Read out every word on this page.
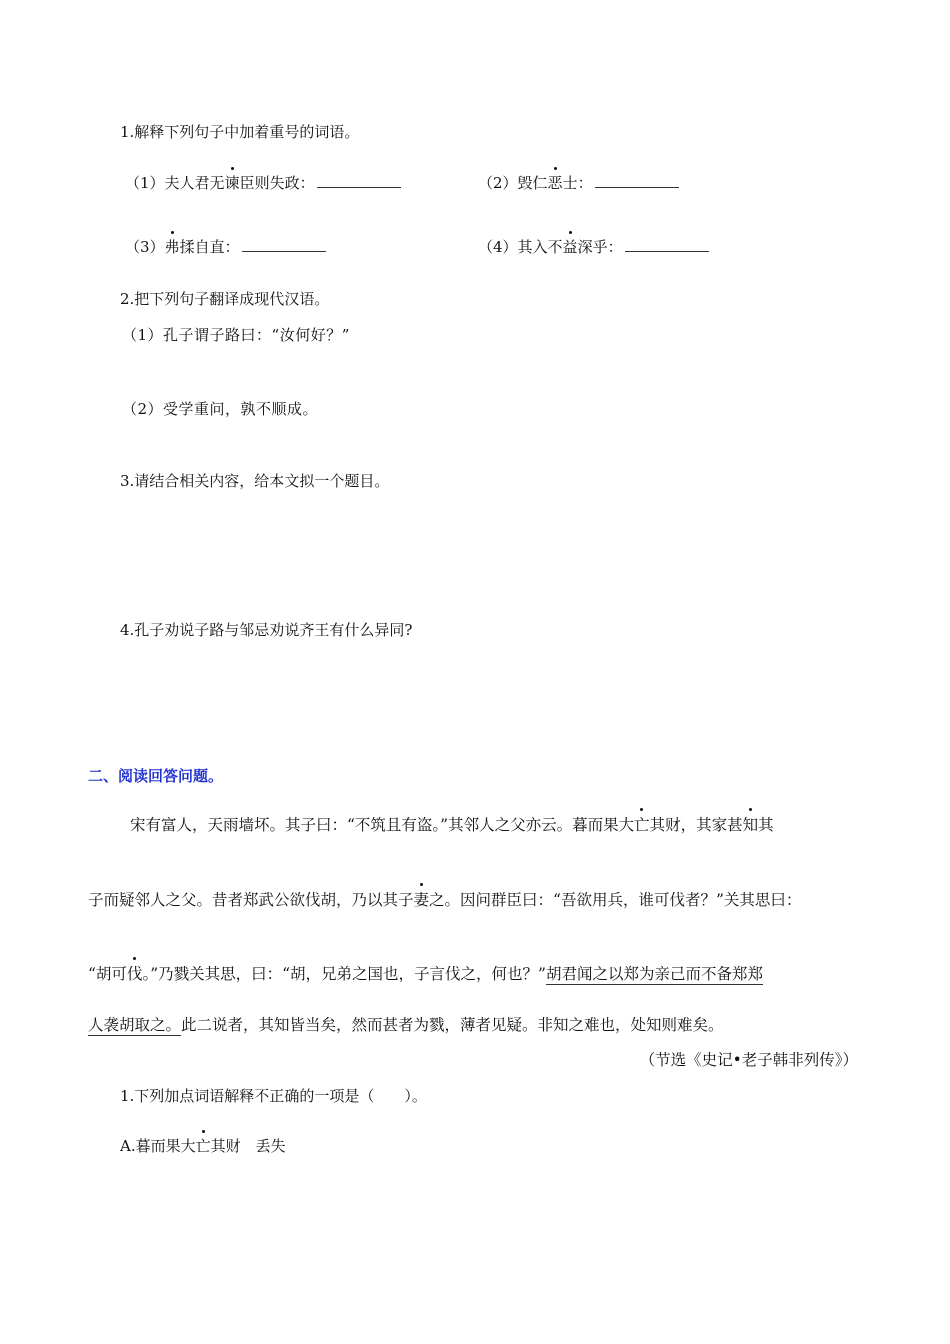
1.解释下列句子中加着重号的词语。
（1）夫人君无谏臣则失政：	（2）毁仁恶士：
（3）弗揉自直：	（4）其入不益深乎：
2.把下列句子翻译成现代汉语。
（1）孔子谓子路曰：“汝何好？”
（2）受学重问，孰不顺成。
3.请结合相关内容，给本文拟一个题目。
4.孔子劝说子路与邹忌劝说齐王有什么异同?
二、阅读回答问题。
宋有富人，天雨墙坏。其子曰：“不筑且有盗。”其邻人之父亦云。暮而果大亡其财，其家甚知其
子而疑邻人之父。昔者郑武公欲伐胡，乃以其子妻之。因问群臣曰：“吾欲用兵，谁可伐者？”关其思曰：
“胡可伐。”乃戮关其思，曰：“胡，兄弟之国也，子言伐之，何也？”胡君闻之以郑为亲己而不备郑郑
人袭胡取之。此二说者，其知皆当矣，然而甚者为戮，薄者见疑。非知之难也，处知则难矣。
（节选《史记•老子韩非列传》）
1.下列加点词语解释不正确的一项是（　　）。
A.暮而果大亡其财　丢失
